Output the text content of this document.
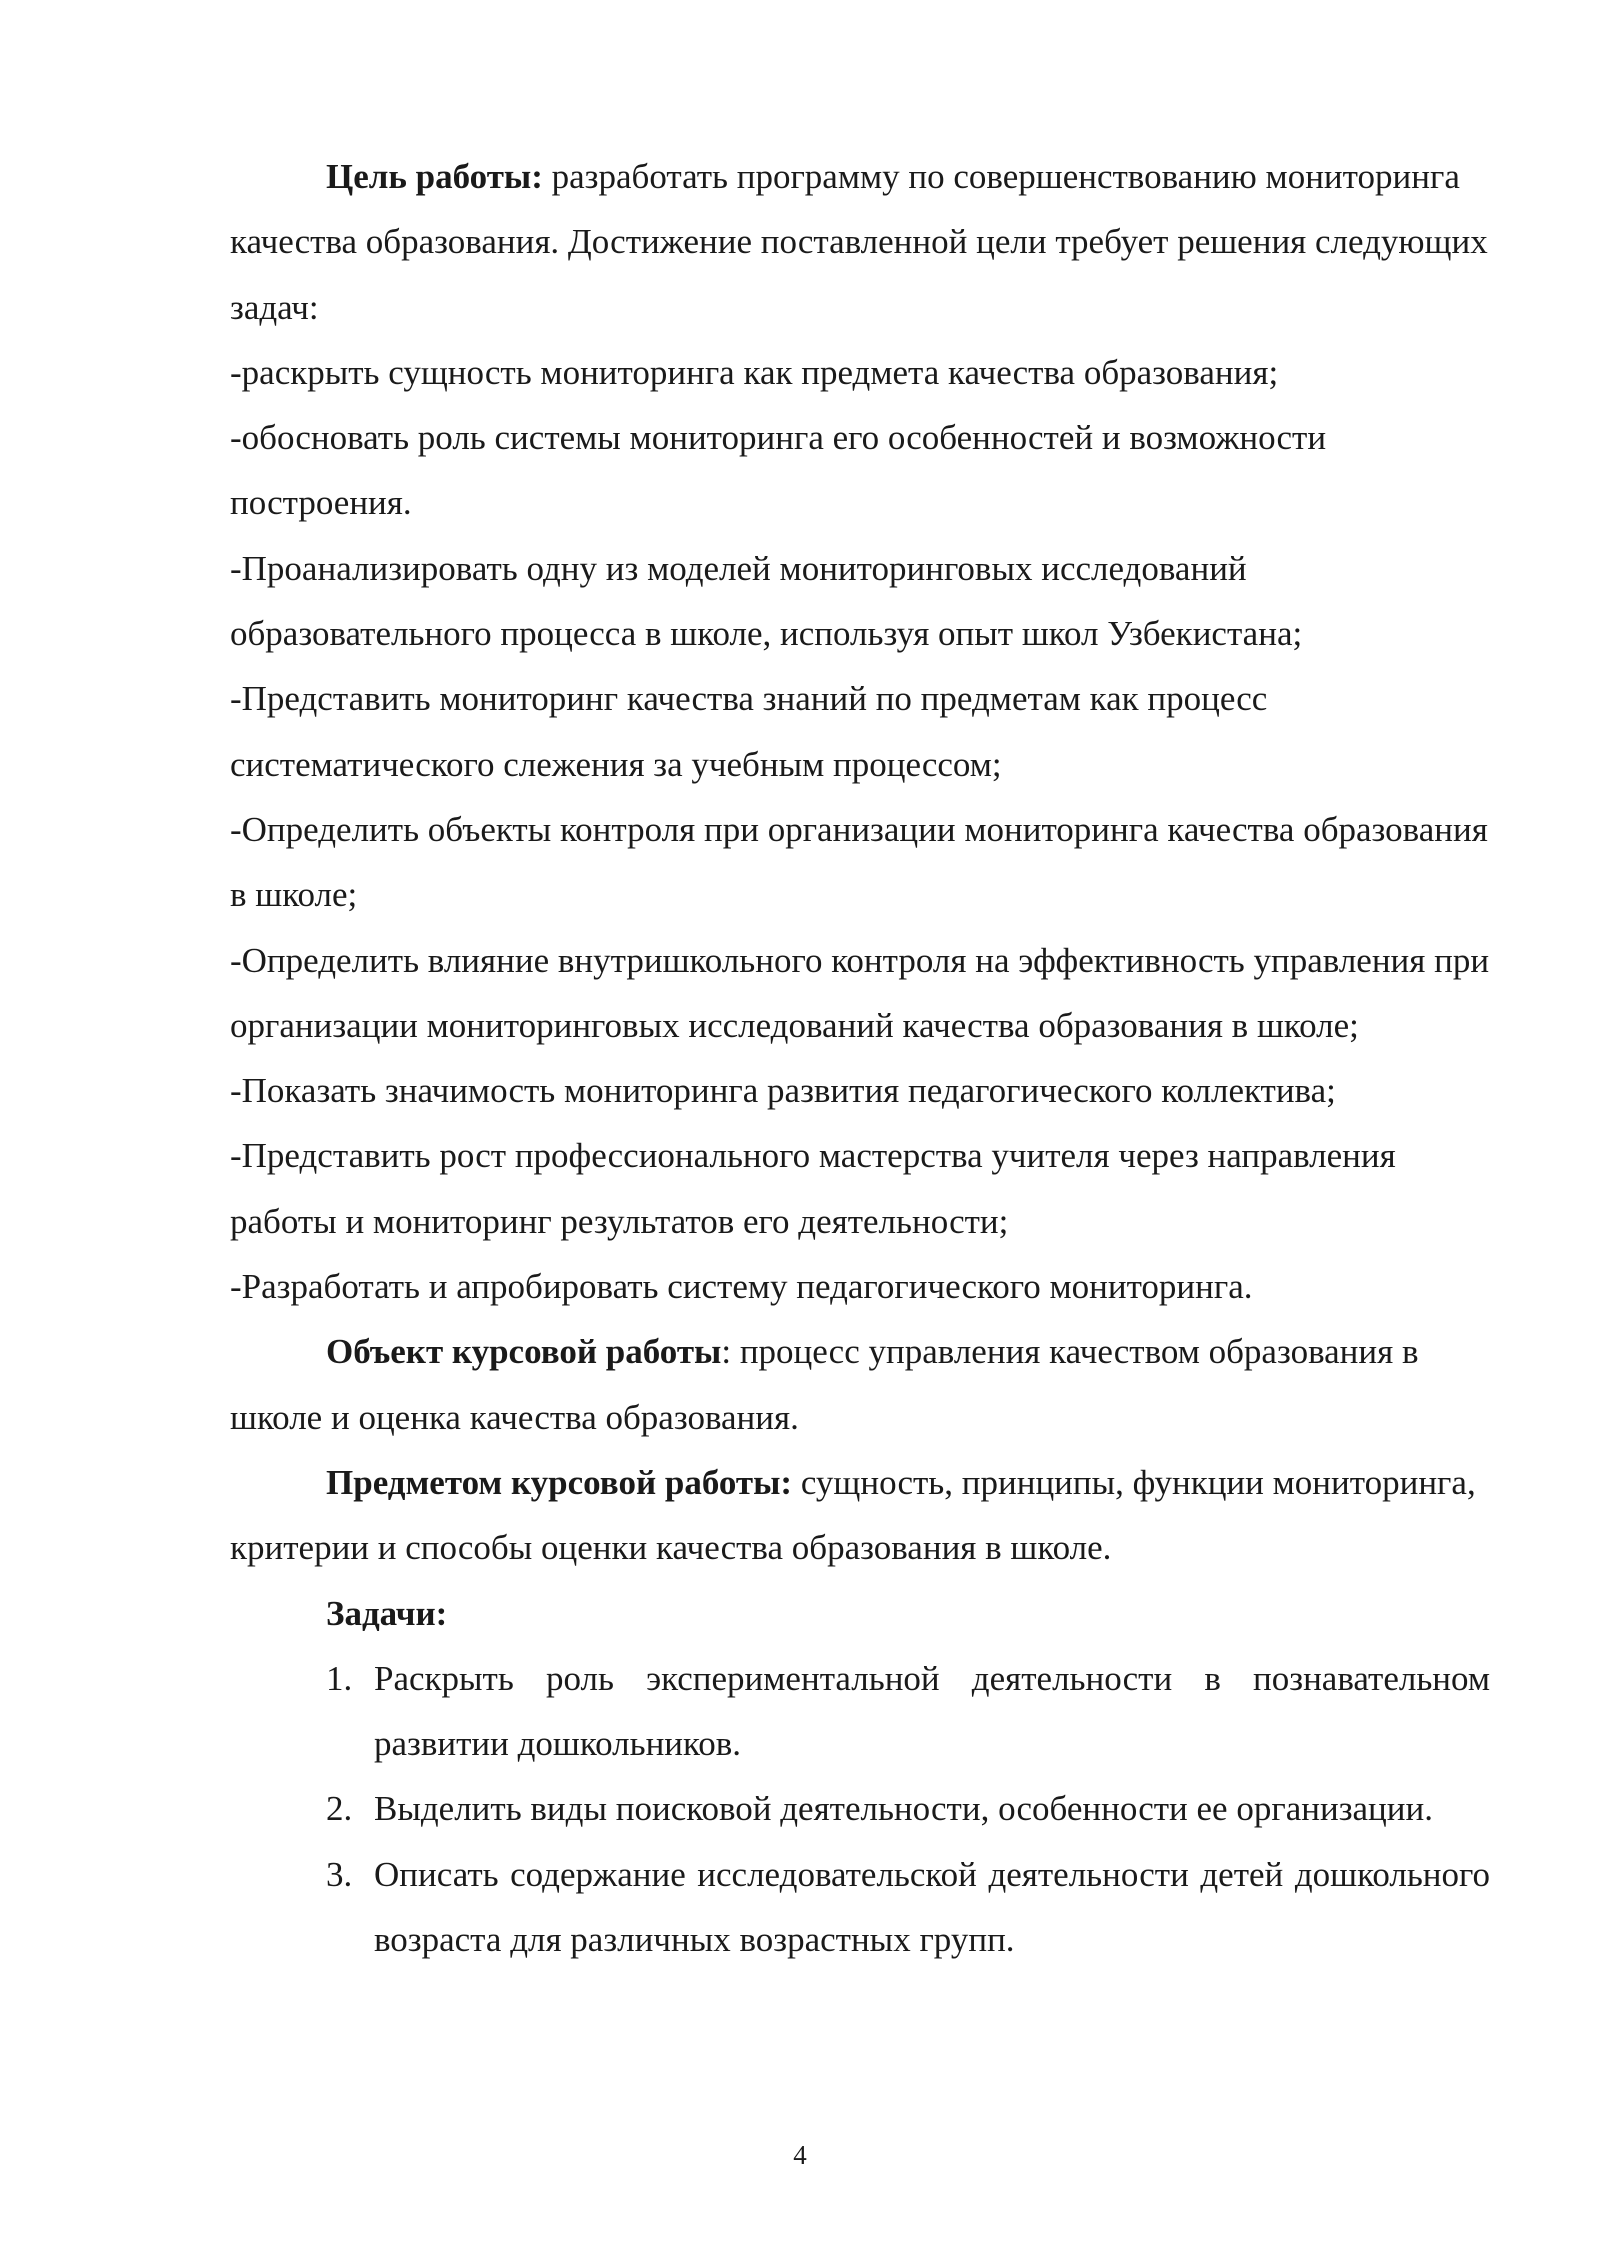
Цель работы: разработать программу по совершенствованию мониторинга качества образования. Достижение поставленной цели требует решения следующих задач:

-раскрыть сущность мониторинга как предмета качества образования;

-обосновать роль системы мониторинга его особенностей и возможности построения.

-Проанализировать одну из моделей мониторинговых исследований образовательного процесса в школе, используя опыт школ Узбекистана;

-Представить мониторинг качества знаний по предметам как процесс систематического слежения за учебным процессом;

-Определить объекты контроля при организации мониторинга качества образования в школе;

-Определить влияние внутришкольного контроля на эффективность управления при организации мониторинговых исследований качества образования в школе;

-Показать значимость мониторинга развития педагогического коллектива;

-Представить рост профессионального мастерства учителя через направления работы и мониторинг результатов его деятельности;

-Разработать и апробировать систему педагогического мониторинга.

Объект курсовой работы: процесс управления качеством образования в школе и оценка качества образования.

Предметом курсовой работы: сущность, принципы, функции мониторинга, критерии и способы оценки качества образования в школе.

Задачи:

1. Раскрыть роль экспериментальной деятельности в познавательном развитии дошкольников.
2. Выделить виды поисковой деятельности, особенности ее организации.
3. Описать содержание исследовательской деятельности детей дошкольного возраста для различных возрастных групп.
4
